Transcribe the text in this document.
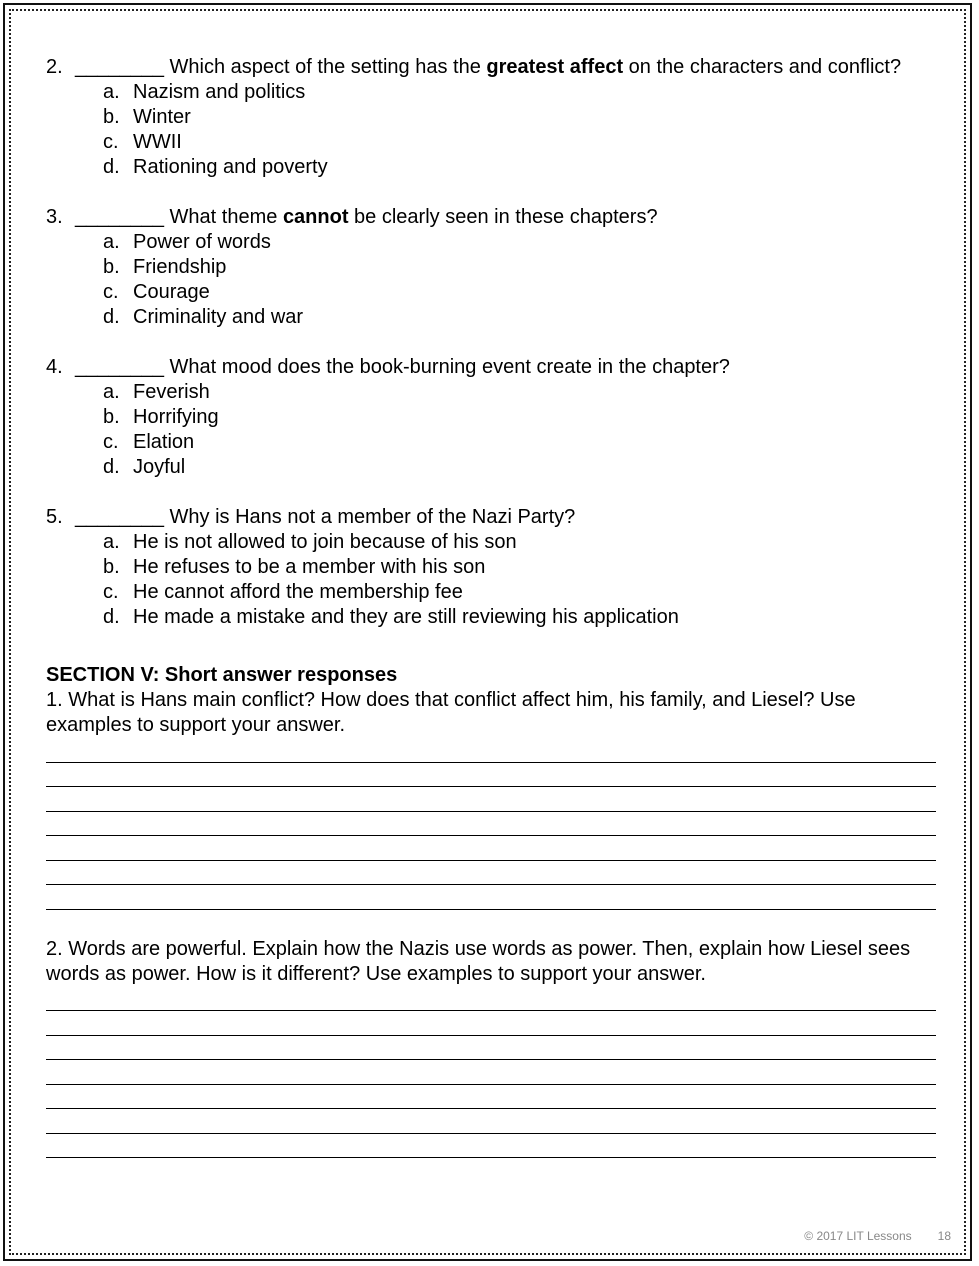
2. ________ Which aspect of the setting has the greatest affect on the characters and conflict?
a. Nazism and politics
b. Winter
c. WWII
d. Rationing and poverty
3. ________ What theme cannot be clearly seen in these chapters?
a. Power of words
b. Friendship
c. Courage
d. Criminality and war
4. ________ What mood does the book-burning event create in the chapter?
a. Feverish
b. Horrifying
c. Elation
d. Joyful
5. ________ Why is Hans not a member of the Nazi Party?
a. He is not allowed to join because of his son
b. He refuses to be a member with his son
c. He cannot afford the membership fee
d. He made a mistake and they are still reviewing his application
SECTION V: Short answer responses
1. What is Hans main conflict? How does that conflict affect him, his family, and Liesel? Use examples to support your answer.
2. Words are powerful. Explain how the Nazis use words as power. Then, explain how Liesel sees words as power. How is it different? Use examples to support your answer.
© 2017 LIT Lessons 18
